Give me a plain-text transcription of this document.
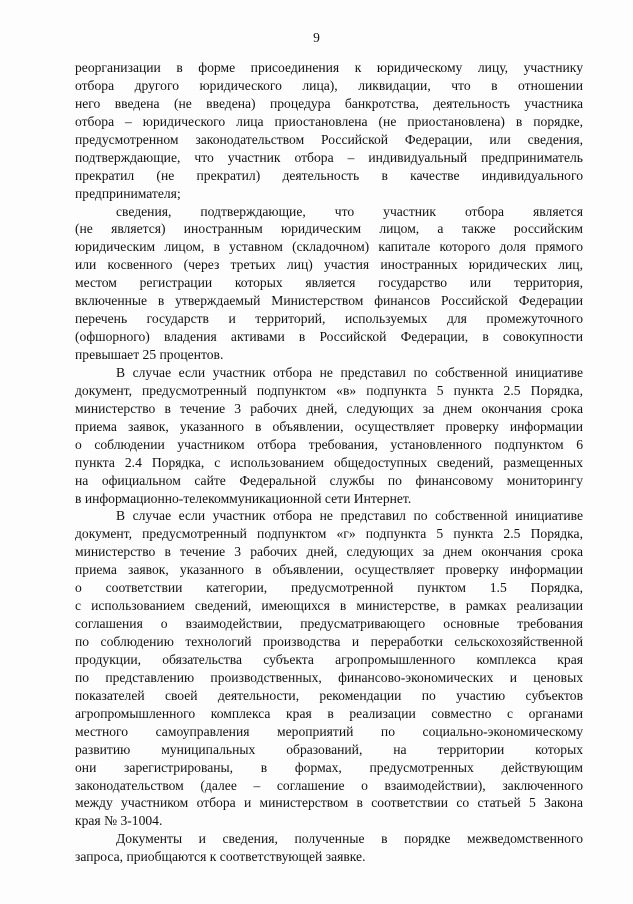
9
реорганизации в форме присоединения к юридическому лицу, участнику
отбора другого юридического лица), ликвидации, что в отношении
него введена (не введена) процедура банкротства, деятельность участника
отбора – юридического лица приостановлена (не приостановлена) в порядке,
предусмотренном законодательством Российской Федерации, или сведения,
подтверждающие, что участник отбора – индивидуальный предприниматель
прекратил (не прекратил) деятельность в качестве индивидуального
предпринимателя;
сведения, подтверждающие, что участник отбора является
(не является) иностранным юридическим лицом, а также российским
юридическим лицом, в уставном (складочном) капитале которого доля прямого
или косвенного (через третьих лиц) участия иностранных юридических лиц,
местом регистрации которых является государство или территория,
включенные в утверждаемый Министерством финансов Российской Федерации
перечень государств и территорий, используемых для промежуточного
(офшорного) владения активами в Российской Федерации, в совокупности
превышает 25 процентов.
В случае если участник отбора не представил по собственной инициативе
документ, предусмотренный подпунктом «в» подпункта 5 пункта 2.5 Порядка,
министерство в течение 3 рабочих дней, следующих за днем окончания срока
приема заявок, указанного в объявлении, осуществляет проверку информации
о соблюдении участником отбора требования, установленного подпунктом 6
пункта 2.4 Порядка, с использованием общедоступных сведений, размещенных
на официальном сайте Федеральной службы по финансовому мониторингу
в информационно-телекоммуникационной сети Интернет.
В случае если участник отбора не представил по собственной инициативе
документ, предусмотренный подпунктом «г» подпункта 5 пункта 2.5 Порядка,
министерство в течение 3 рабочих дней, следующих за днем окончания срока
приема заявок, указанного в объявлении, осуществляет проверку информации
о соответствии категории, предусмотренной пунктом 1.5 Порядка,
с использованием сведений, имеющихся в министерстве, в рамках реализации
соглашения о взаимодействии, предусматривающего основные требования
по соблюдению технологий производства и переработки сельскохозяйственной
продукции, обязательства субъекта агропромышленного комплекса края
по представлению производственных, финансово-экономических и ценовых
показателей своей деятельности, рекомендации по участию субъектов
агропромышленного комплекса края в реализации совместно с органами
местного самоуправления мероприятий по социально-экономическому
развитию муниципальных образований, на территории которых
они зарегистрированы, в формах, предусмотренных действующим
законодательством (далее – соглашение о взаимодействии), заключенного
между участником отбора и министерством в соответствии со статьей 5 Закона
края № 3-1004.
Документы и сведения, полученные в порядке межведомственного
запроса, приобщаются к соответствующей заявке.
